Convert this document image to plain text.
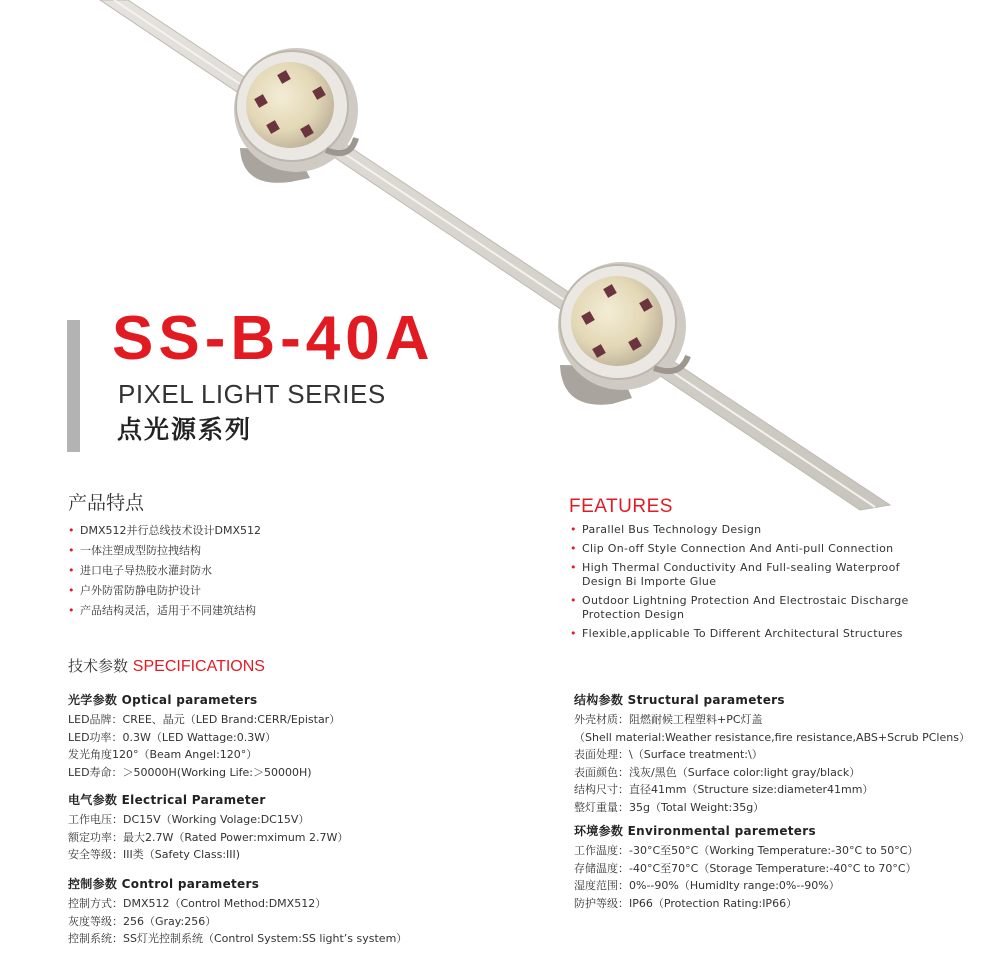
SS-B-40A
PIXEL LIGHT SERIES
点光源系列
产品特点
• DMX512并行总线技术设计DMX512
• 一体注塑成型防拉拽结构
• 进口电子导热胶水灌封防水
• 户外防雷防静电防护设计
• 产品结构灵活，适用于不同建筑结构
FEATURES
• Parallel Bus Technology Design
• Clip On-off Style Connection And Anti-pull Connection
• High Thermal Conductivity And Full-sealing Waterproof
Design Bi Importe Glue
• Outdoor Lightning Protection And Electrostaic Discharge
Protection Design
• Flexible,applicable To Different Architectural Structures
技术参数 SPECIFICATIONS
光学参数 Optical parameters
LED品牌：CREE、晶元（LED Brand:CERR/Epistar）
LED功率：0.3W（LED Wattage:0.3W）
发光角度120°（Beam Angel:120°）
LED寿命：＞50000H(Working Life:＞50000H)
电气参数 Electrical Parameter
工作电压：DC15V（Working Volage:DC15V）
额定功率：最大2.7W（Rated Power:mximum 2.7W）
安全等级：III类（Safety Class:III)
控制参数 Control parameters
控制方式：DMX512（Control Method:DMX512）
灰度等级：256（Gray:256）
控制系统：SS灯光控制系统（Control System:SS light’s system）
结构参数 Structural parameters
外壳材质：阻燃耐候工程塑料+PC灯盖
（Shell material:Weather resistance,fire resistance,ABS+Scrub PClens）
表面处理：\（Surface treatment:\）
表面颜色：浅灰/黑色（Surface color:light gray/black）
结构尺寸：直径41mm（Structure size:diameter41mm）
整灯重量：35g（Total Weight:35g）
环境参数 Environmental paremeters
工作温度：-30°C至50°C（Working Temperature:-30°C to 50°C）
存储温度：-40°C至70°C（Storage Temperature:-40°C to 70°C）
湿度范围：0%--90%（Humidlty range:0%--90%）
防护等级：IP66（Protection Rating:IP66）
